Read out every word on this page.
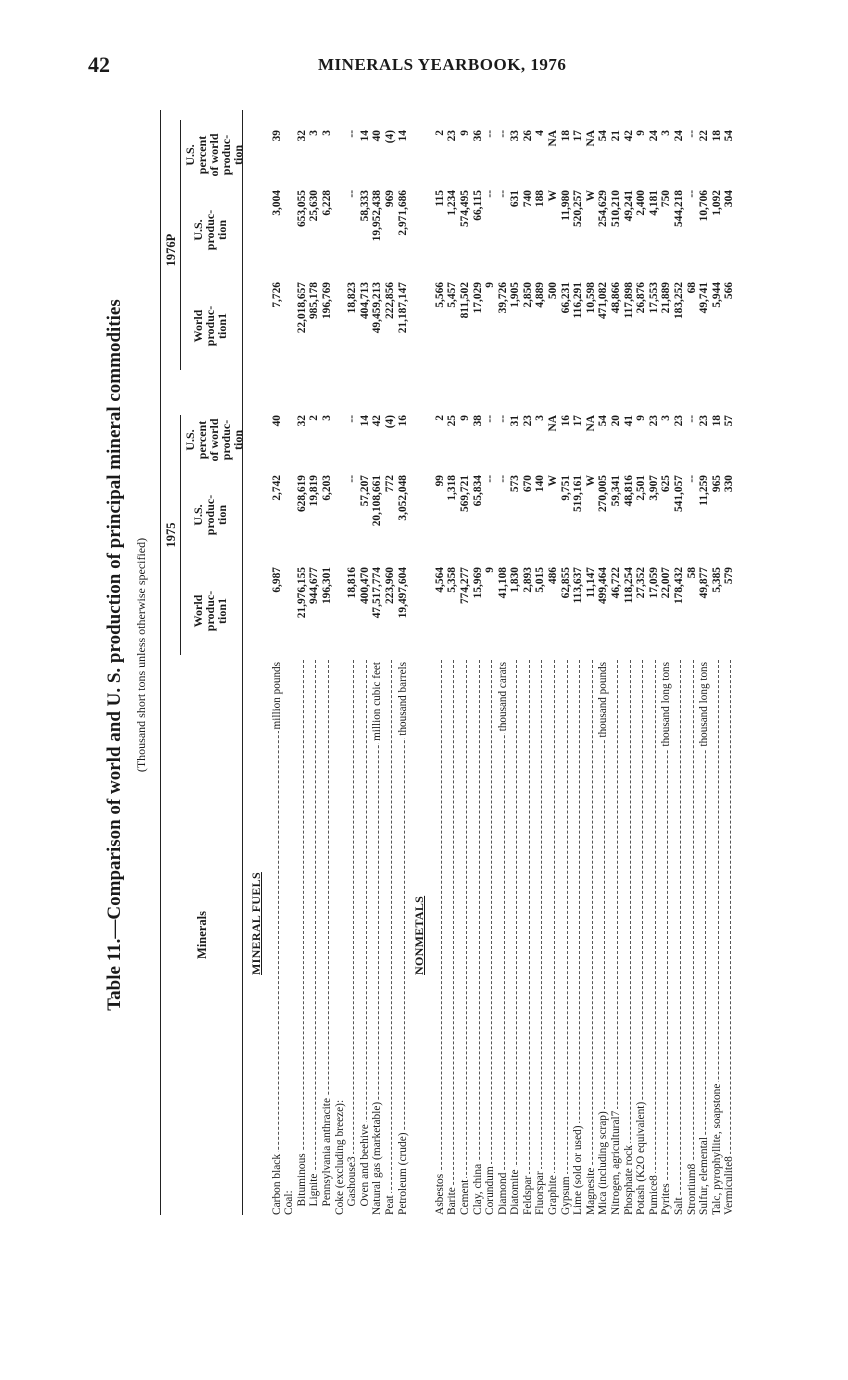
42	MINERALS YEARBOOK, 1976
Table 11.—Comparison of world and U. S. production of principal mineral commodities (Thousand short tons unless otherwise specified)
Minerals
1975
1976P
World
produc-
tion1
U.S.
produc-
tion
U.S.
percent
of world
produc-
tion
World
produc-
tion1
U.S.
produc-
tion
U.S.
percent
of world
produc-
tion
MINERAL FUELS
Carbon black
million pounds
6,987
2,742
40
7,726
3,004
39
Coal: Bituminous
21,976,155
628,619
32
22,018,657
653,055
32
Lignite
944,677
19,819
2
985,178
25,630
3
Pennsylvania anthracite
196,301
6,203
3
196,769
6,228
3
Coke (excluding breeze): Gashouse3
18,816
--
--
18,823
--
--
Oven and beehive
400,470
57,207
14
404,713
58,333
14
Natural gas (marketable)
million cubic feet
47,517,774
20,108,661
42
49,459,213
19,952,438
40
Peat
223,960
772
(4)
222,856
969
(4)
Petroleum (crude)
thousand barrels
19,497,604
3,052,048
16
21,187,147
2,971,686
14
NONMETALS
Asbestos
4,564
99
2
5,566
115
2
Barite
5,358
1,318
25
5,457
1,234
23
Cement
774,277
569,721
9
811,502
574,495
9
Clay, china
15,969
65,834
38
17,029
66,115
36
Corundum
9
--
--
9
--
--
Diamond
thousand carats
41,108
--
--
39,726
--
--
Diatomite
1,830
573
31
1,905
631
33
Feldspar
2,893
670
23
2,850
740
26
Fluorspar
5,015
140
3
4,889
188
4
Graphite
486
W
NA
500
W
NA
Gypsum
62,855
9,751
16
66,231
11,980
18
Lime (sold or used)
113,637
519,161
17
116,291
520,257
17
Magnesite
11,147
W
NA
10,598
W
NA
Mica (including scrap)
thousand pounds
499,464
270,005
54
471,082
254,629
54
Nitrogen, agricultural7
46,722
59,341
20
48,866
510,210
21
Phosphate rock
118,254
48,816
41
117,898
49,241
42
Potash (K2O equivalent)
27,352
2,501
9
26,876
2,400
9
Pumice8
17,059
3,907
23
17,553
4,181
24
Pyrites
thousand long tons
22,007
625
3
21,889
750
3
Salt
178,432
541,057
23
183,252
544,218
24
Strontium8
58
--
--
68
--
--
Sulfur, elemental
thousand long tons
49,877
11,259
23
49,741
10,706
22
Talc, pyrophyllite, soapstone
5,385
965
18
5,944
1,092
18
Vermiculite8
579
330
57
566
304
54
